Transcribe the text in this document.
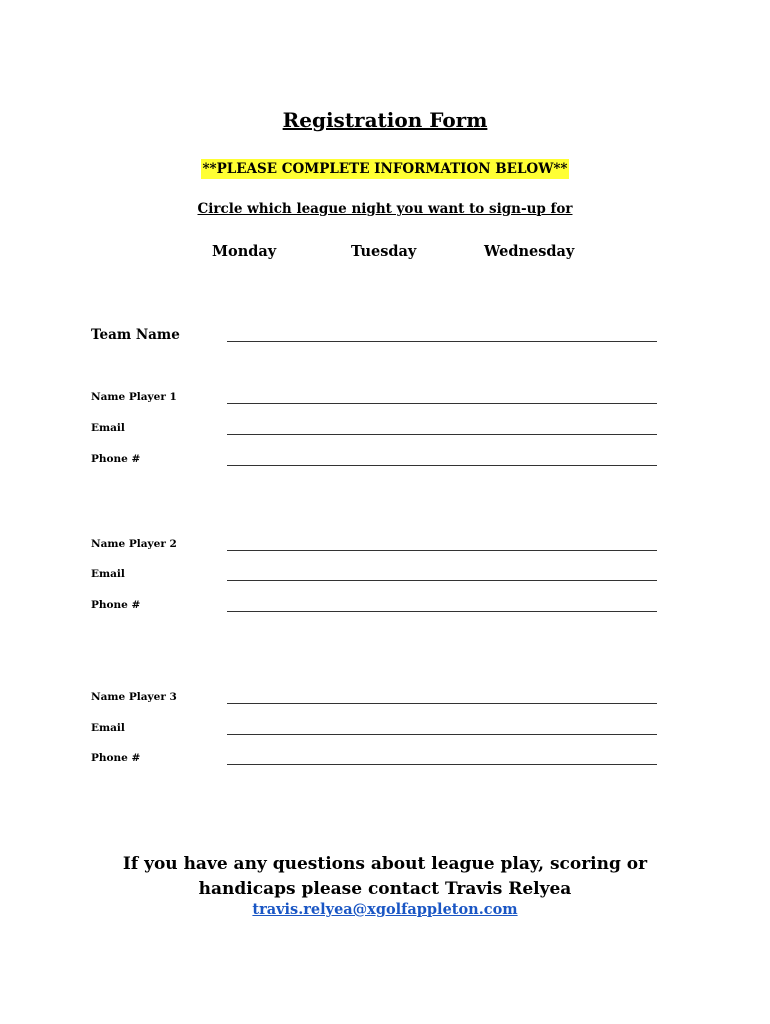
Registration Form
**PLEASE COMPLETE INFORMATION BELOW**
Circle which league night you want to sign-up for
Monday	Tuesday	Wednesday
Team Name
Name Player 1
Email
Phone #
Name Player 2
Email
Phone #
Name Player 3
Email
Phone #
If you have any questions about league play, scoring or
handicaps please contact Travis Relyea
travis.relyea@xgolfappleton.com
